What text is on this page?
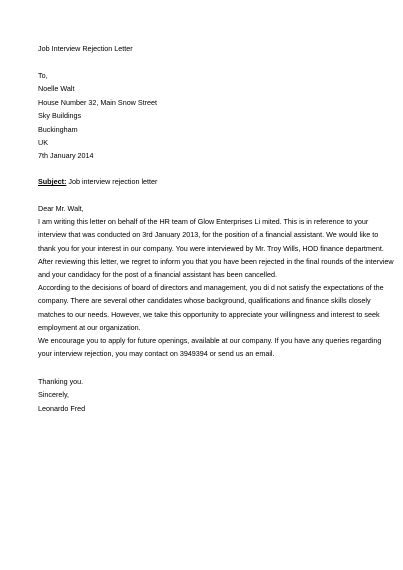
Job Interview Rejection Letter
To,
Noelle Walt
House Number 32, Main Snow Street
Sky Buildings
Buckingham
UK
7th January 2014
Subject: Job interview rejection letter
Dear Mr. Walt,
I am writing this letter on behalf of the HR team of Glow Enterprises Li mited. This is in reference to your
interview that was conducted on 3rd January 2013, for the position of a financial assistant. We would like to
thank you for your interest in our company. You were interviewed by Mr. Troy Wills, HOD finance department.
After reviewing this letter, we regret to inform you that you have been rejected in the final rounds of the interview
and your candidacy for the post of a financial assistant has been cancelled.
According to the decisions of board of directors and management, you di d not satisfy the expectations of the
company. There are several other candidates whose background, qualifications and finance skills closely
matches to our needs. However, we take this opportunity to appreciate your willingness and interest to seek
employment at our organization.
We encourage you to apply for future openings, available at our company. If you have any queries regarding
your interview rejection, you may contact on 3949394 or send us an email.
Thanking you.
Sincerely,
Leonardo Fred
